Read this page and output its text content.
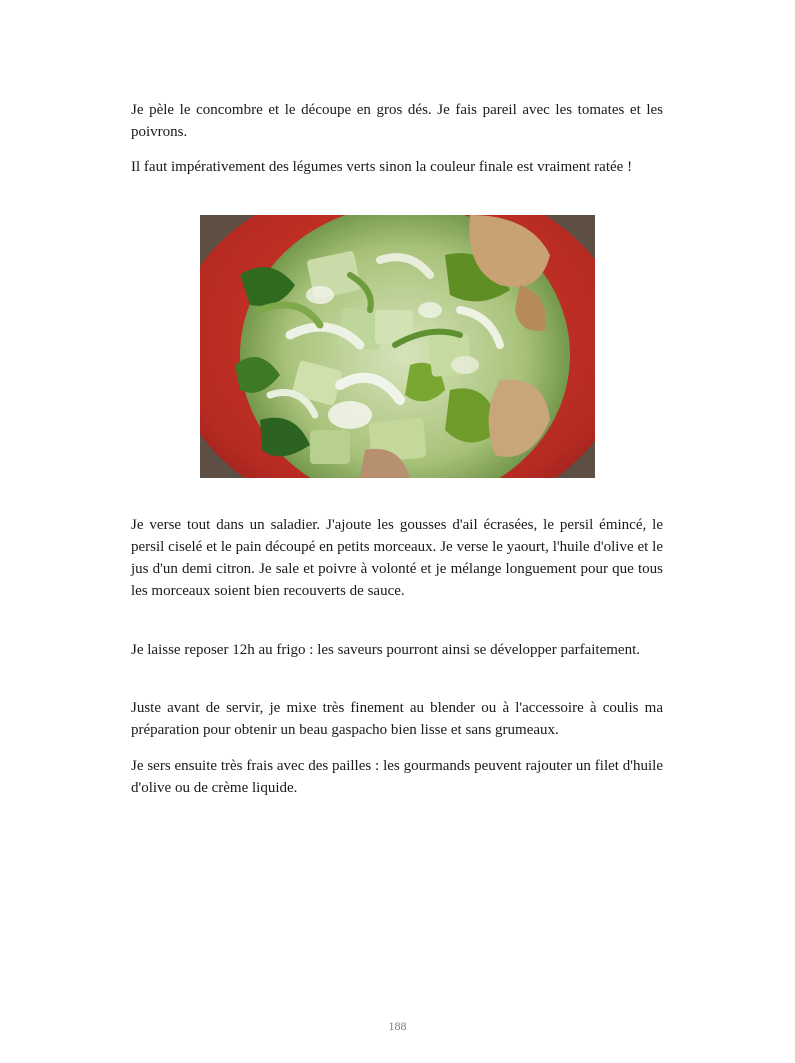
Je pèle le concombre et le découpe en gros dés. Je fais pareil avec les tomates et les poivrons.

Il faut impérativement des légumes verts sinon la couleur finale est vraiment ratée !

Je verse tout dans un saladier. J'ajoute les gousses d'ail écrasées, le persil émincé, le persil ciselé et le pain découpé en petits morceaux. Je verse le yaourt, l'huile d'olive et le jus d'un demi citron. Je sale et poivre à volonté et je mélange longuement pour que tous les morceaux soient bien recouverts de sauce.

Je laisse reposer 12h au frigo : les saveurs pourront ainsi se développer parfaitement.

Juste avant de servir, je mixe très finement au blender ou à l'accessoire à coulis ma préparation pour obtenir un beau gaspacho bien lisse et sans grumeaux.

Je sers ensuite très frais avec des pailles : les gourmands peuvent rajouter un filet d'huile d'olive ou de crème liquide.

188
